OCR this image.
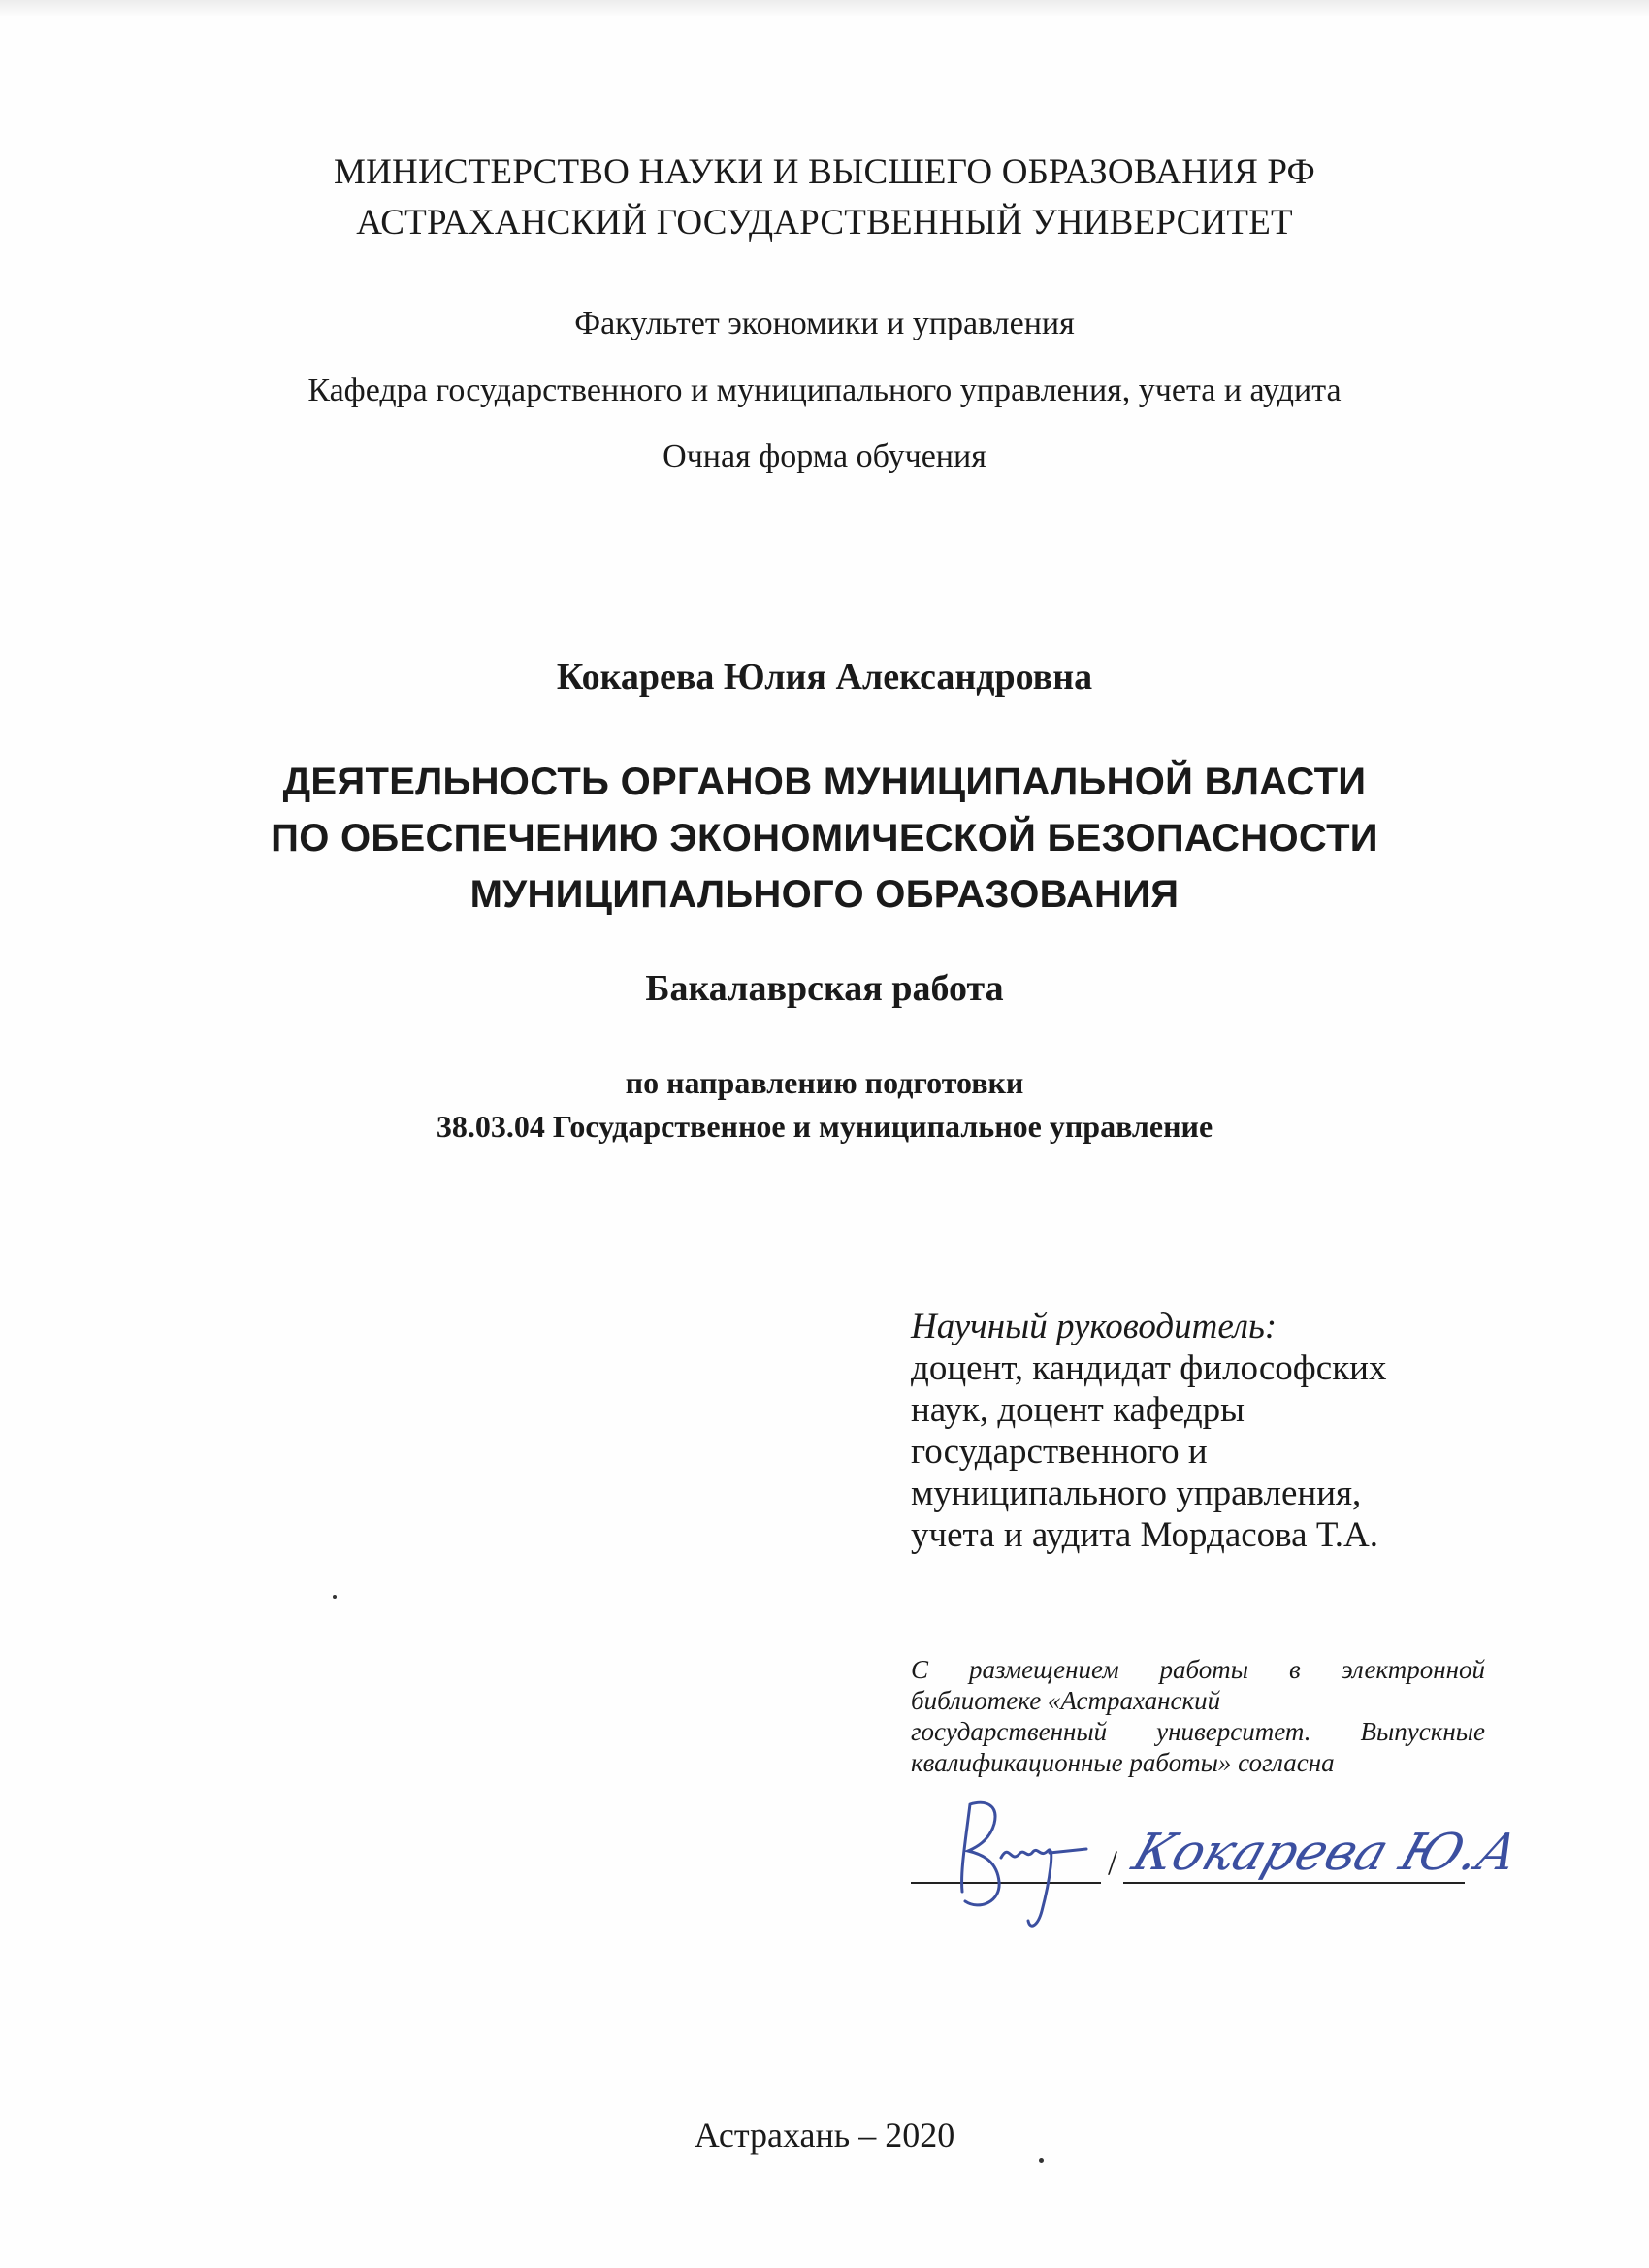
МИНИСТЕРСТВО НАУКИ И ВЫСШЕГО ОБРАЗОВАНИЯ РФ
АСТРАХАНСКИЙ ГОСУДАРСТВЕННЫЙ УНИВЕРСИТЕТ
Факультет экономики и управления
Кафедра государственного и муниципального управления, учета и аудита
Очная форма обучения
Кокарева Юлия Александровна
ДЕЯТЕЛЬНОСТЬ ОРГАНОВ МУНИЦИПАЛЬНОЙ ВЛАСТИ
ПО ОБЕСПЕЧЕНИЮ ЭКОНОМИЧЕСКОЙ БЕЗОПАСНОСТИ
МУНИЦИПАЛЬНОГО ОБРАЗОВАНИЯ
Бакалаврская работа
по направлению подготовки
38.03.04 Государственное и муниципальное управление
Научный руководитель:
доцент, кандидат философских
наук, доцент кафедры
государственного и
муниципального управления,
учета и аудита Мордасова Т.А.
С размещением работы в электронной
библиотеке «Астраханский
государственный университет. Выпускные
квалификационные работы» согласна
/ Кокарева Ю.А
Астрахань – 2020
